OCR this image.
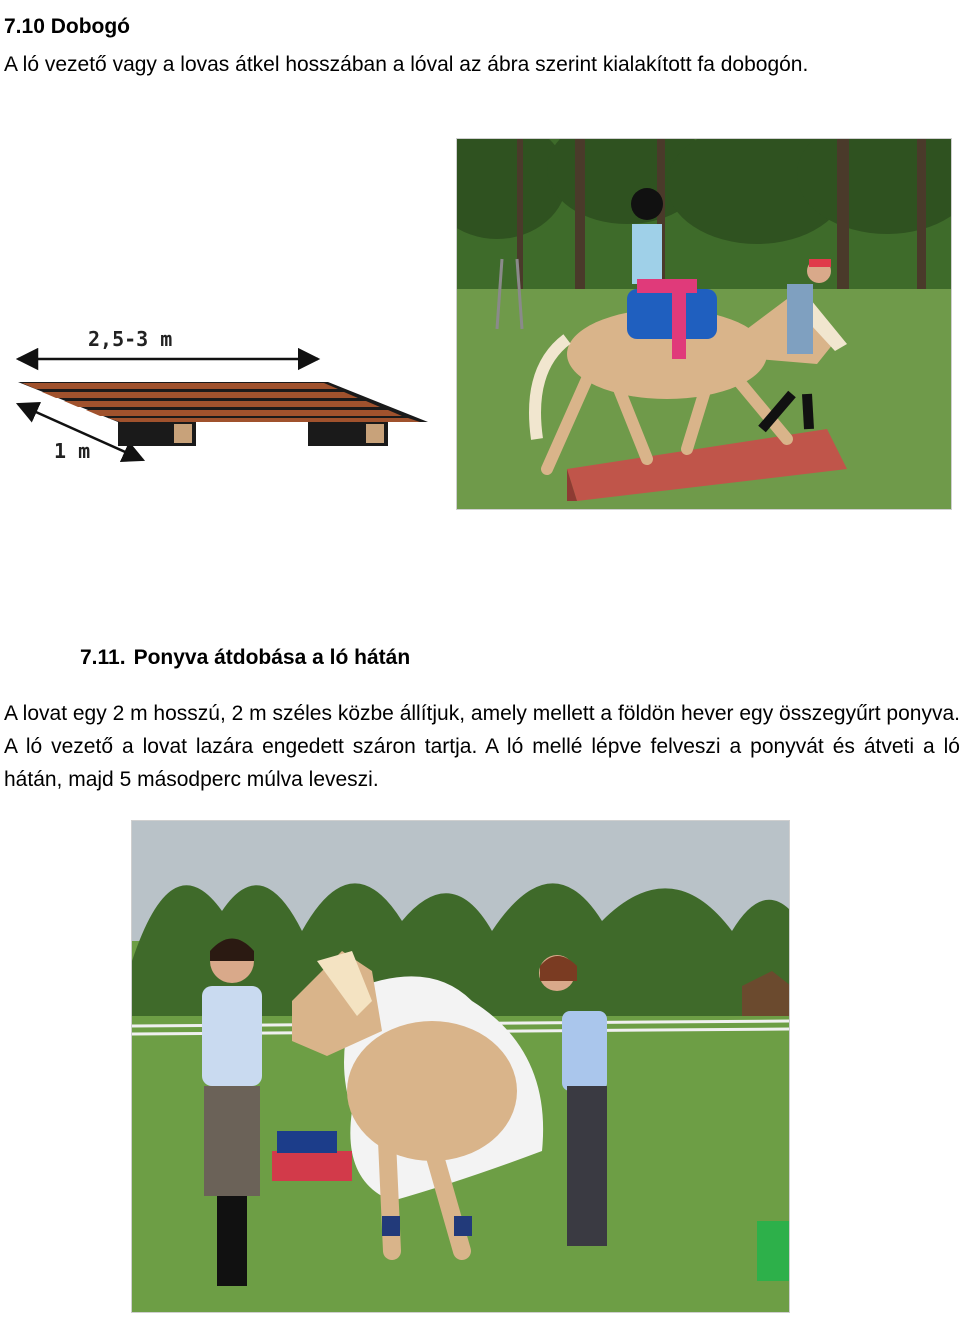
7.10 Dobogó

A ló vezető vagy a lovas átkel hosszában a lóval az ábra szerint kialakított fa dobogón.

2,5-3 m
1 m
7.11. Ponyva átdobása a ló hátán

A lovat egy 2 m hosszú, 2 m széles közbe állítjuk, amely mellett a földön hever egy összegyűrt ponyva. A ló vezető a lovat lazára engedett száron tartja. A ló mellé lépve felveszi a ponyvát és átveti a ló hátán, majd 5 másodperc múlva leveszi.
